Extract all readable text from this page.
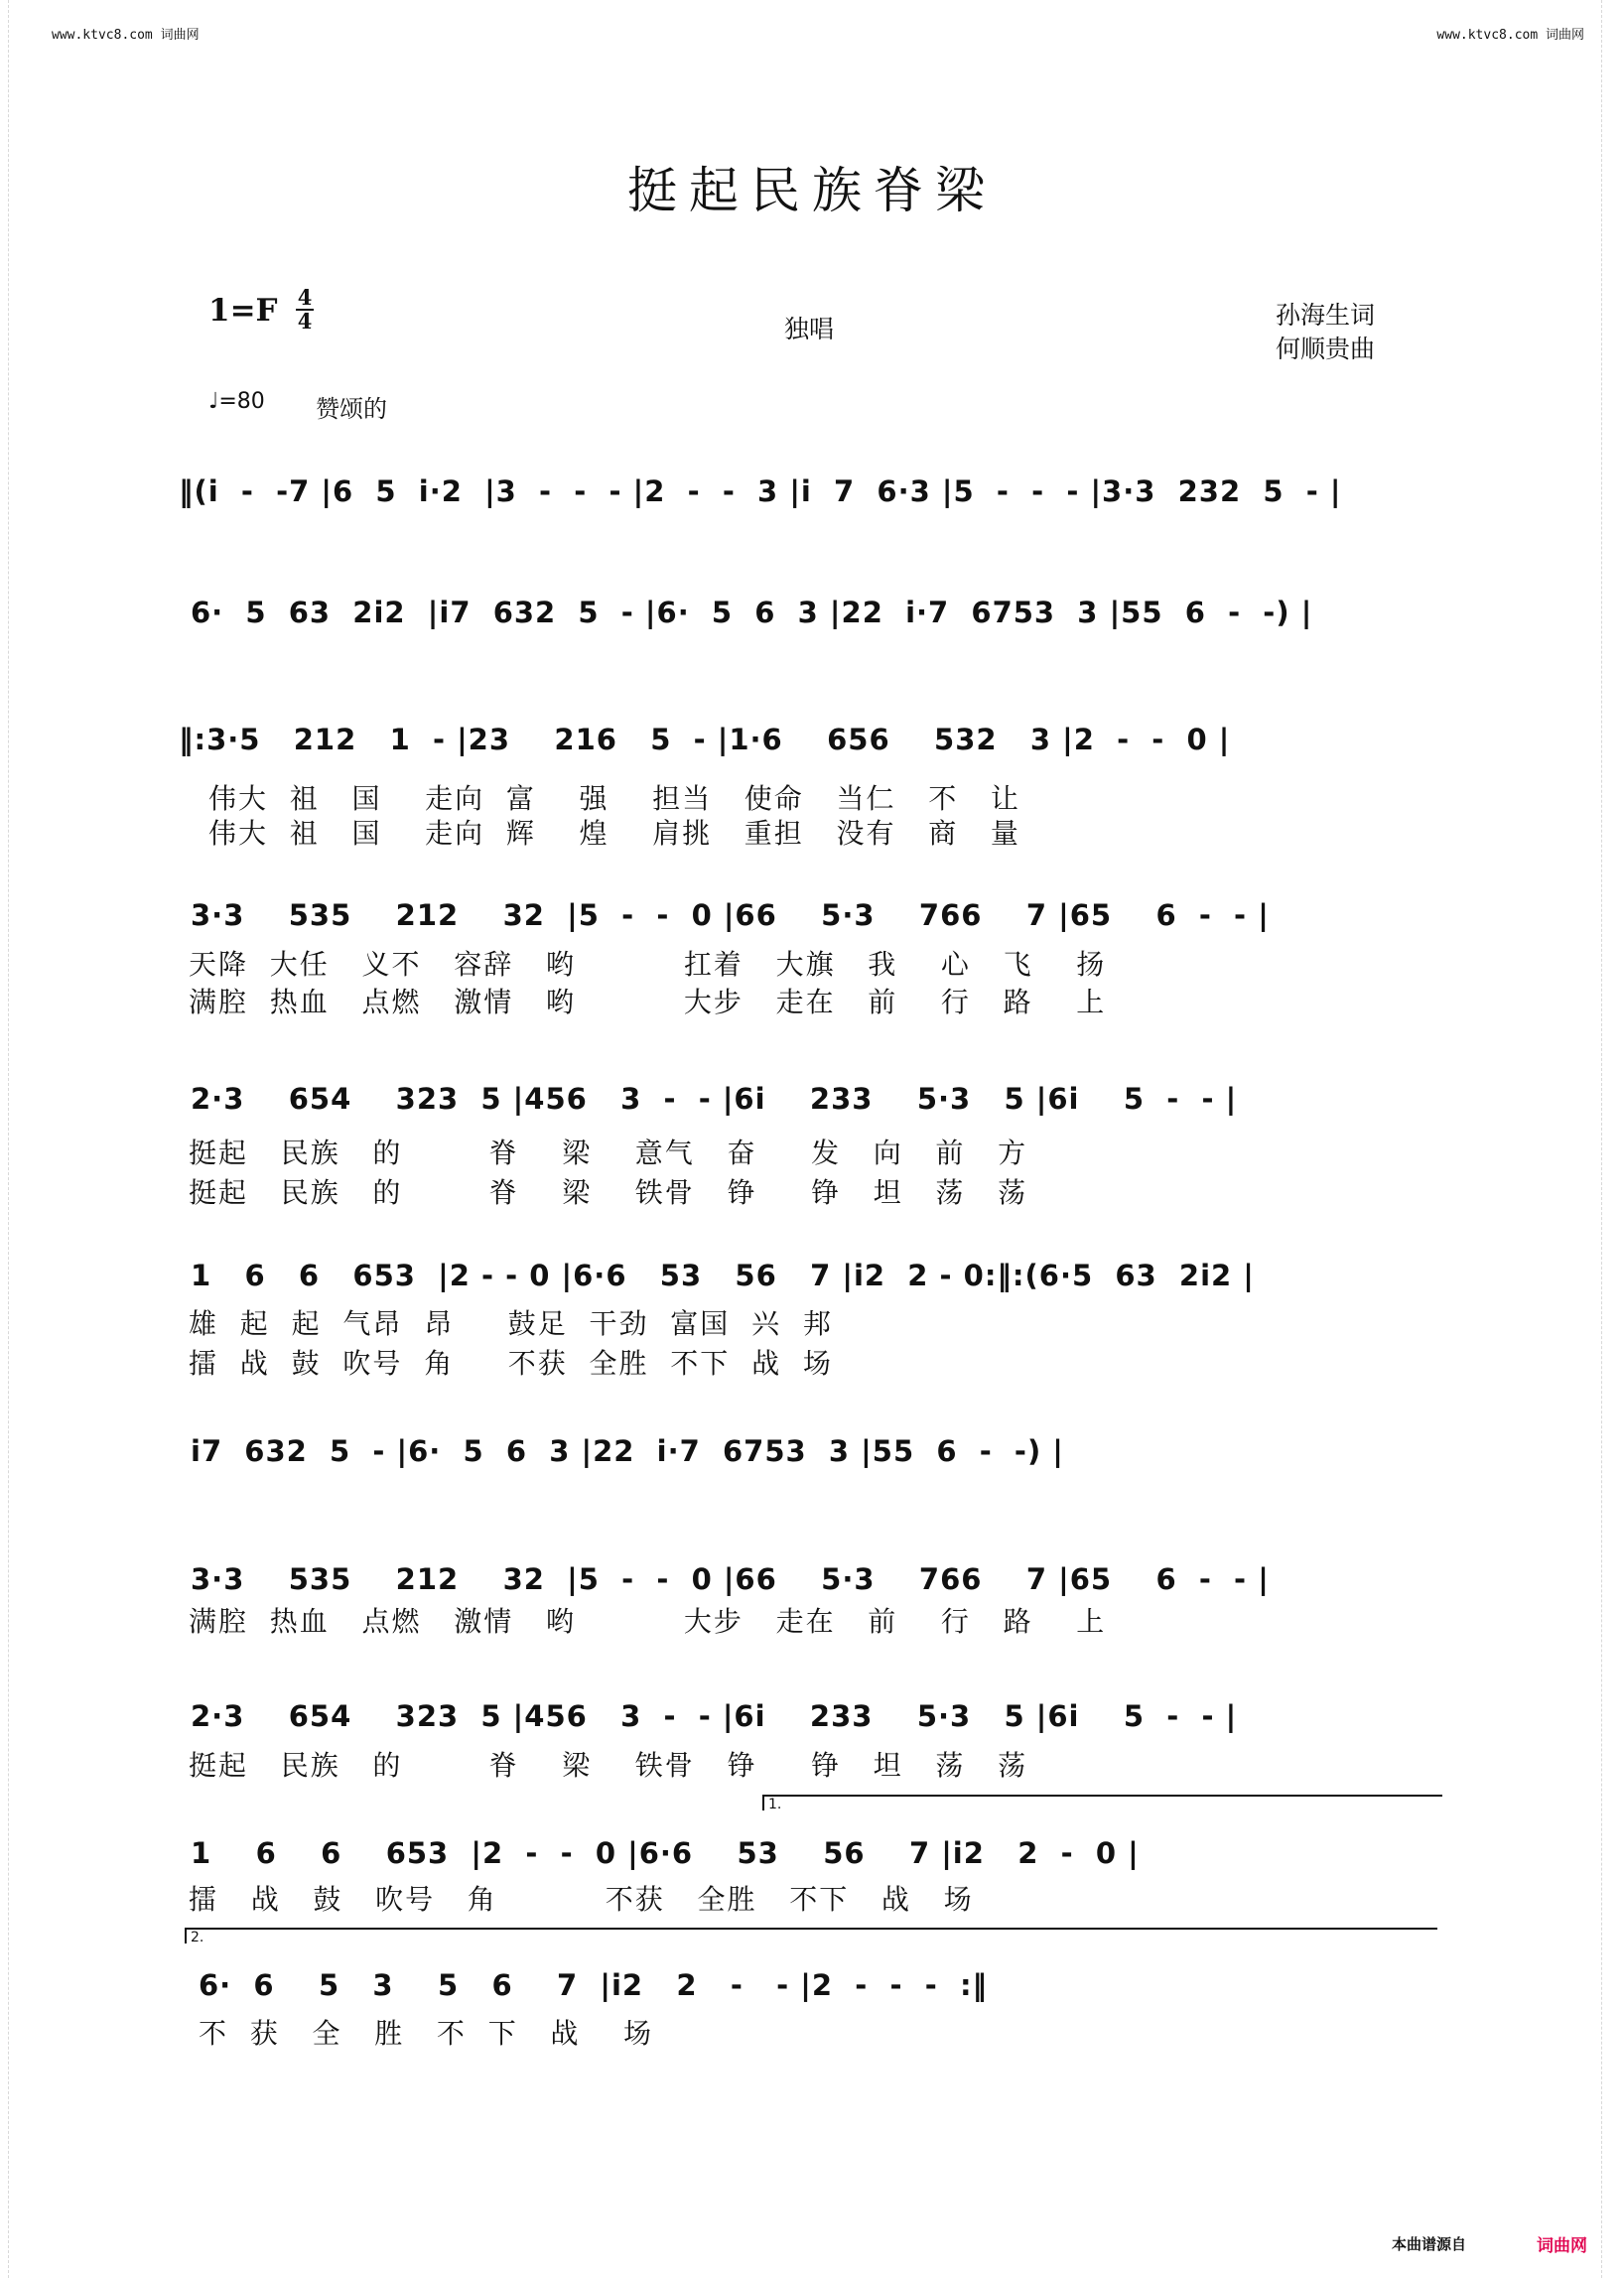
www.ktvc8.com 词曲网	www.ktvc8.com 词曲网
挺起民族脊梁
1=F 4
4	独唱	孙海生词
何顺贵曲
♩=80 赞颂的
‖(i  -  -7 |6  5  i·2  |3  -  -  - |2  -  -  3 |i  7  6·3 |5  -  -  - |3·3  232  5  - |
6·  5  63  2i2  |i7  632  5  - |6·  5  6  3 |22  i·7  6753  3 |55  6  -  -) |
‖:3·5   212   1  - |23    216   5  - |1·6    656    532   3 |2  -  -  0 |
伟大  祖   国    走向  富    强    担当   使命   当仁   不   让
伟大  祖   国    走向  辉    煌    肩挑   重担   没有   商   量
3·3    535    212    32  |5  -  -  0 |66    5·3    766    7 |65    6  -  - |
天降  大任   义不   容辞   哟          扛着   大旗   我    心   飞    扬
满腔  热血   点燃   激情   哟          大步   走在   前    行   路    上
2·3    654    323  5 |456   3  -  - |6i    233    5·3   5 |6i    5  -  - |
挺起   民族   的        脊    梁    意气   奋     发   向   前   方
挺起   民族   的        脊    梁    铁骨   铮     铮   坦   荡   荡
1   6   6   653  |2 - - 0 |6·6   53   56   7 |i2  2 - 0:‖:(6·5  63  2i2 |
雄  起  起  气昂  昂     鼓足  干劲  富国  兴  邦
擂  战  鼓  吹号  角     不获  全胜  不下  战  场
i7  632  5  - |6·  5  6  3 |22  i·7  6753  3 |55  6  -  -) |
3·3    535    212    32  |5  -  -  0 |66    5·3    766    7 |65    6  -  - |
满腔  热血   点燃   激情   哟          大步   走在   前    行   路    上
2·3    654    323  5 |456   3  -  - |6i    233    5·3   5 |6i    5  -  - |
挺起   民族   的        脊    梁    铁骨   铮     铮   坦   荡   荡
1.
1    6    6    653  |2  -  -  0 |6·6    53    56    7 |i2   2  -  0 |
擂   战   鼓   吹号   角          不获   全胜   不下   战   场
2.
6·  6    5   3    5   6    7  |i2   2   -   - |2  -  -  -  :‖
不  获   全   胜   不  下   战    场
本曲谱源自	词曲网
